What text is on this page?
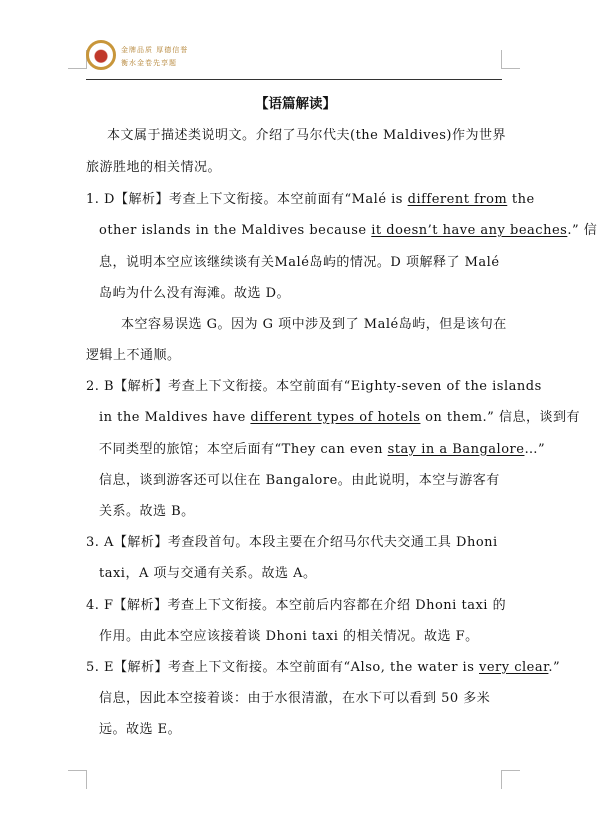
金牌品质 厚德信誉
衡水金卷先享题
【语篇解读】
本文属于描述类说明文。介绍了马尔代夫(the Maldives)作为世界
旅游胜地的相关情况。
1. D【解析】考查上下文衔接。本空前面有“Malé is different from the
other islands in the Maldives because it doesn’t have any beaches.” 信
息，说明本空应该继续谈有关Malé岛屿的情况。D 项解释了 Malé
岛屿为什么没有海滩。故选 D。
本空容易误选 G。因为 G 项中涉及到了 Malé岛屿，但是该句在
逻辑上不通顺。
2. B【解析】考查上下文衔接。本空前面有“Eighty-seven of the islands
in the Maldives have different types of hotels on them.” 信息，谈到有
不同类型的旅馆；本空后面有“They can even stay in a Bangalore…”
信息，谈到游客还可以住在 Bangalore。由此说明，本空与游客有
关系。故选 B。
3. A【解析】考查段首句。本段主要在介绍马尔代夫交通工具 Dhoni
taxi，A 项与交通有关系。故选 A。
4. F【解析】考查上下文衔接。本空前后内容都在介绍 Dhoni taxi 的
作用。由此本空应该接着谈 Dhoni taxi 的相关情况。故选 F。
5. E【解析】考查上下文衔接。本空前面有“Also, the water is very clear.”
信息，因此本空接着谈：由于水很清澈，在水下可以看到 50 多米
远。故选 E。
